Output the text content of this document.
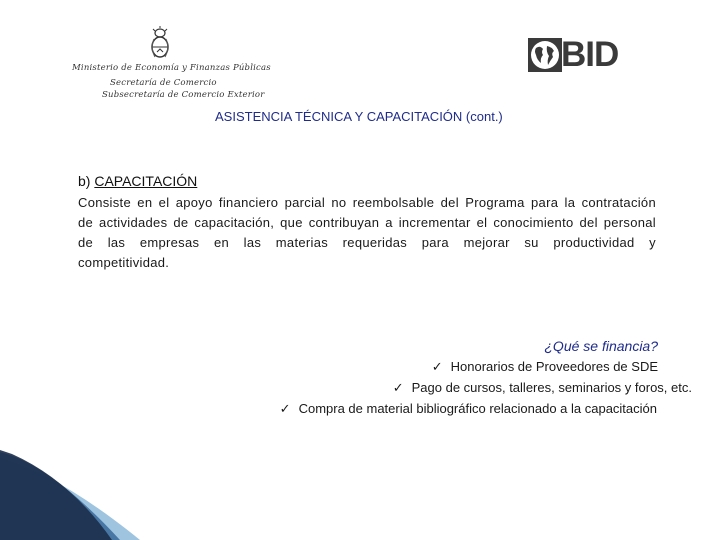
Ministerio de Economía y Finanzas Públicas
Secretaría de Comercio
Subsecretaría de Comercio Exterior
BID
ASISTENCIA TÉCNICA Y CAPACITACIÓN (cont.)
b) CAPACITACIÓN
Consiste en el apoyo financiero parcial no reembolsable del Programa para la contratación de actividades de capacitación, que contribuyan a incrementar el conocimiento del personal de las empresas en las materias requeridas para mejorar su productividad y competitividad.
¿Qué se financia?
✓ Honorarios de Proveedores de SDE
✓ Pago de cursos, talleres, seminarios y foros, etc.
✓ Compra de material bibliográfico relacionado a la capacitación
